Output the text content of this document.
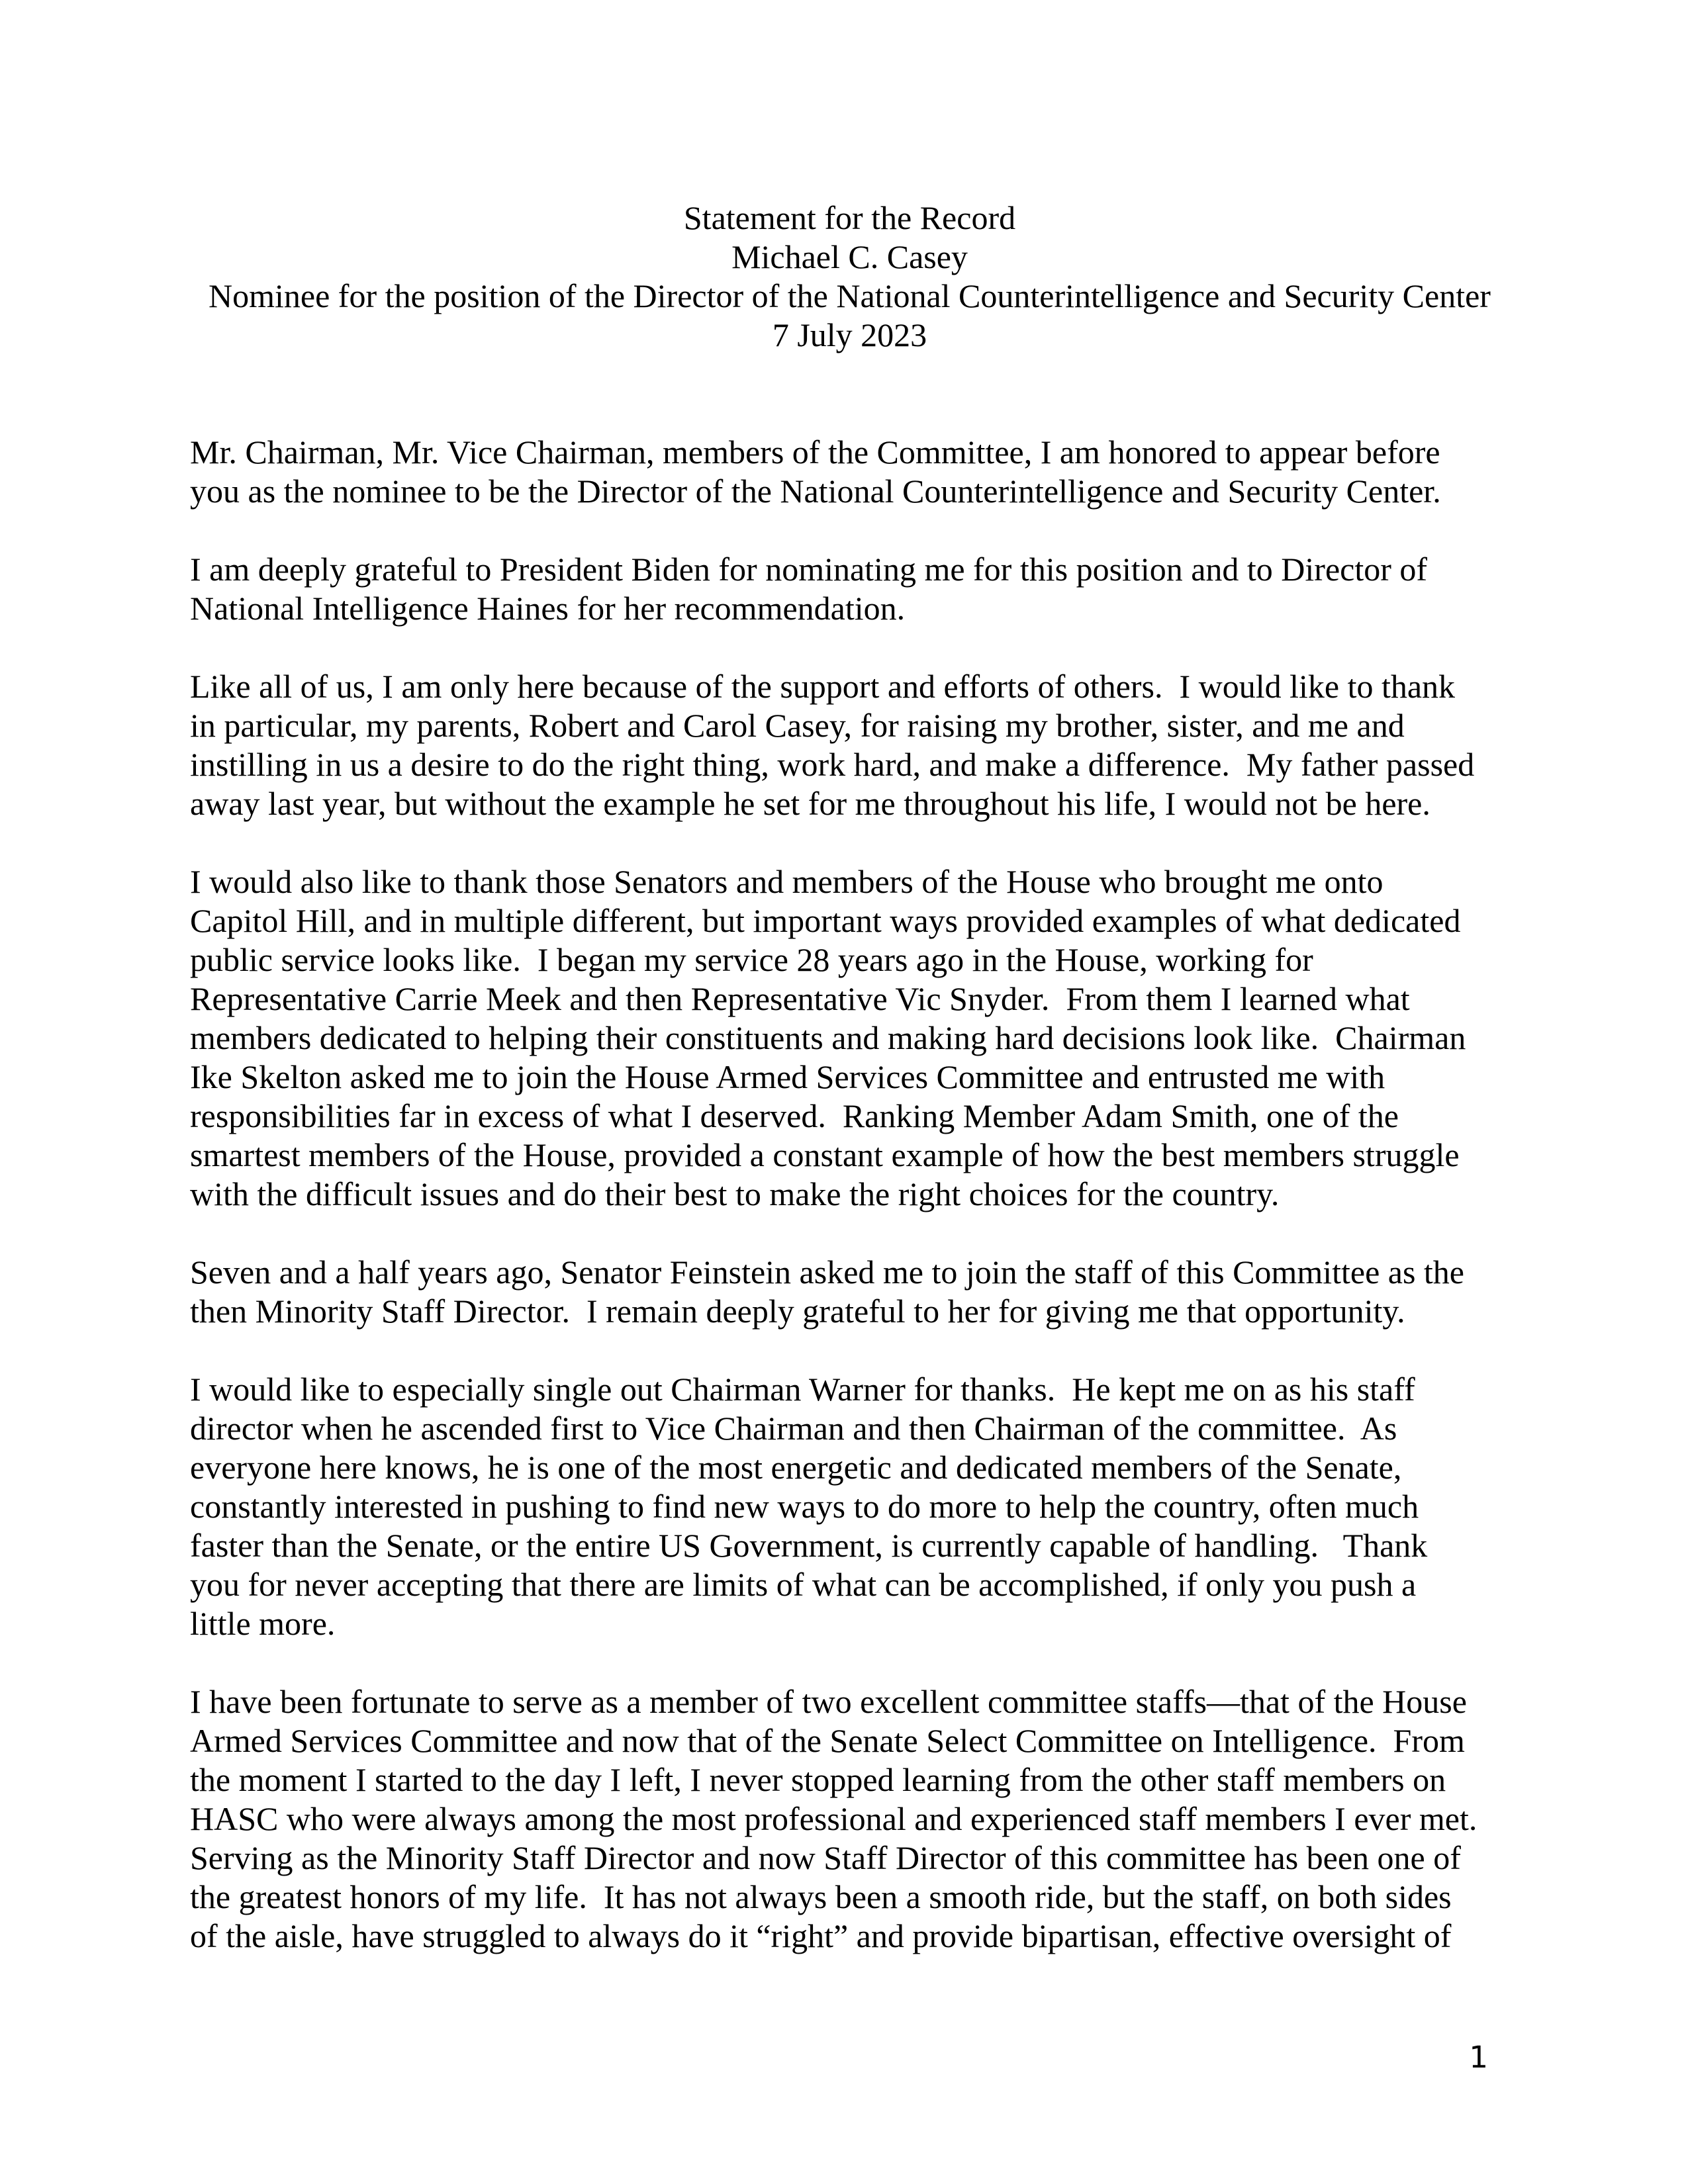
Statement for the Record
Michael C. Casey
Nominee for the position of the Director of the National Counterintelligence and Security Center
7 July 2023
Mr. Chairman, Mr. Vice Chairman, members of the Committee, I am honored to appear before
you as the nominee to be the Director of the National Counterintelligence and Security Center.
I am deeply grateful to President Biden for nominating me for this position and to Director of
National Intelligence Haines for her recommendation.
Like all of us, I am only here because of the support and efforts of others.  I would like to thank
in particular, my parents, Robert and Carol Casey, for raising my brother, sister, and me and
instilling in us a desire to do the right thing, work hard, and make a difference.  My father passed
away last year, but without the example he set for me throughout his life, I would not be here.
I would also like to thank those Senators and members of the House who brought me onto
Capitol Hill, and in multiple different, but important ways provided examples of what dedicated
public service looks like.  I began my service 28 years ago in the House, working for
Representative Carrie Meek and then Representative Vic Snyder.  From them I learned what
members dedicated to helping their constituents and making hard decisions look like.  Chairman
Ike Skelton asked me to join the House Armed Services Committee and entrusted me with
responsibilities far in excess of what I deserved.  Ranking Member Adam Smith, one of the
smartest members of the House, provided a constant example of how the best members struggle
with the difficult issues and do their best to make the right choices for the country.
Seven and a half years ago, Senator Feinstein asked me to join the staff of this Committee as the
then Minority Staff Director.  I remain deeply grateful to her for giving me that opportunity.
I would like to especially single out Chairman Warner for thanks.  He kept me on as his staff
director when he ascended first to Vice Chairman and then Chairman of the committee.  As
everyone here knows, he is one of the most energetic and dedicated members of the Senate,
constantly interested in pushing to find new ways to do more to help the country, often much
faster than the Senate, or the entire US Government, is currently capable of handling.   Thank
you for never accepting that there are limits of what can be accomplished, if only you push a
little more.
I have been fortunate to serve as a member of two excellent committee staffs—that of the House
Armed Services Committee and now that of the Senate Select Committee on Intelligence.  From
the moment I started to the day I left, I never stopped learning from the other staff members on
HASC who were always among the most professional and experienced staff members I ever met.
Serving as the Minority Staff Director and now Staff Director of this committee has been one of
the greatest honors of my life.  It has not always been a smooth ride, but the staff, on both sides
of the aisle, have struggled to always do it “right” and provide bipartisan, effective oversight of
1
